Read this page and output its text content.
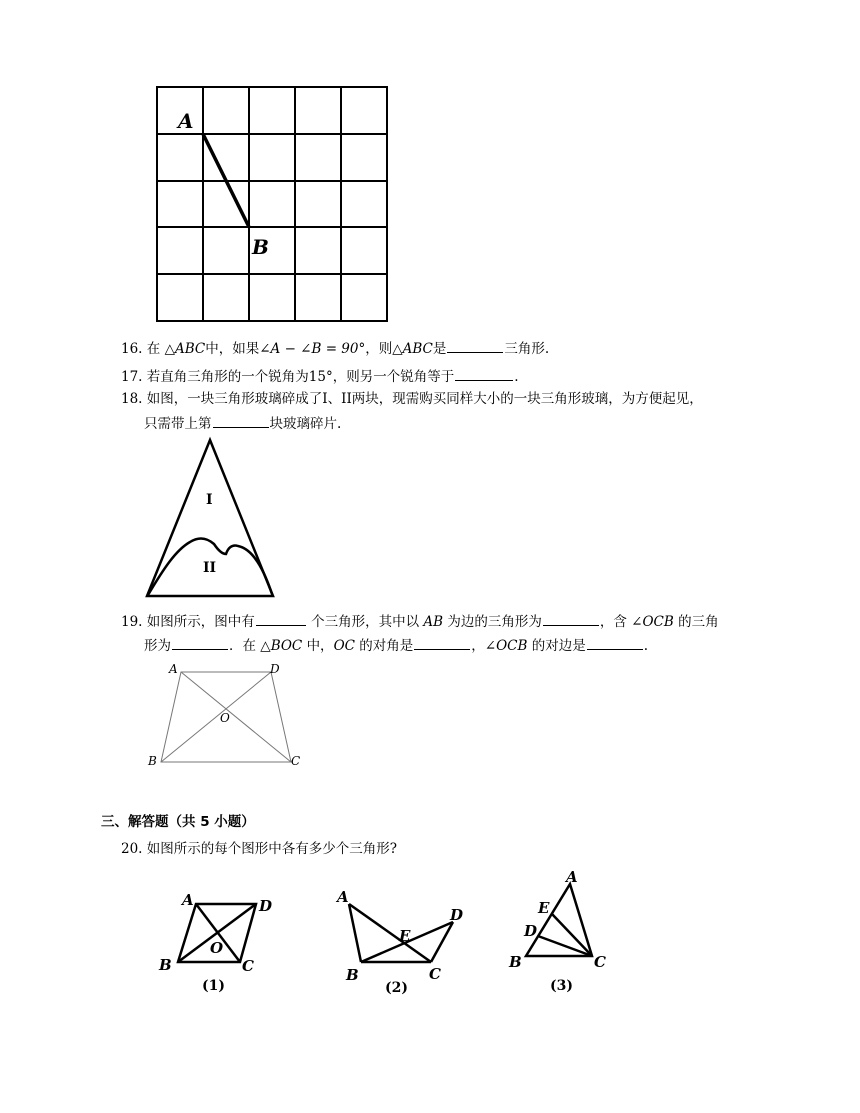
A
B
16. 在 △ABC中，如果∠A − ∠B = 90°，则△ABC是	三角形.
17. 若直角三角形的一个锐角为15°，则另一个锐角等于	.
18. 如图，一块三角形玻璃碎成了I、II两块，现需购买同样大小的一块三角形玻璃，为方便起见，
只需带上第	块玻璃碎片.
I
II
19. 如图所示，图中有	个三角形，其中以 AB 为边的三角形为	，含 ∠OCB 的三角
形为	．在 △BOC 中，OC 的对角是	，∠OCB 的对边是	.
A	D
O
B	C
三、解答题（共 5 小题）
20. 如图所示的每个图形中各有多少个三角形?
A	D
O
B	C
(1)
A
D
E
B	C
(2)
A
E
D
B	C
(3)
